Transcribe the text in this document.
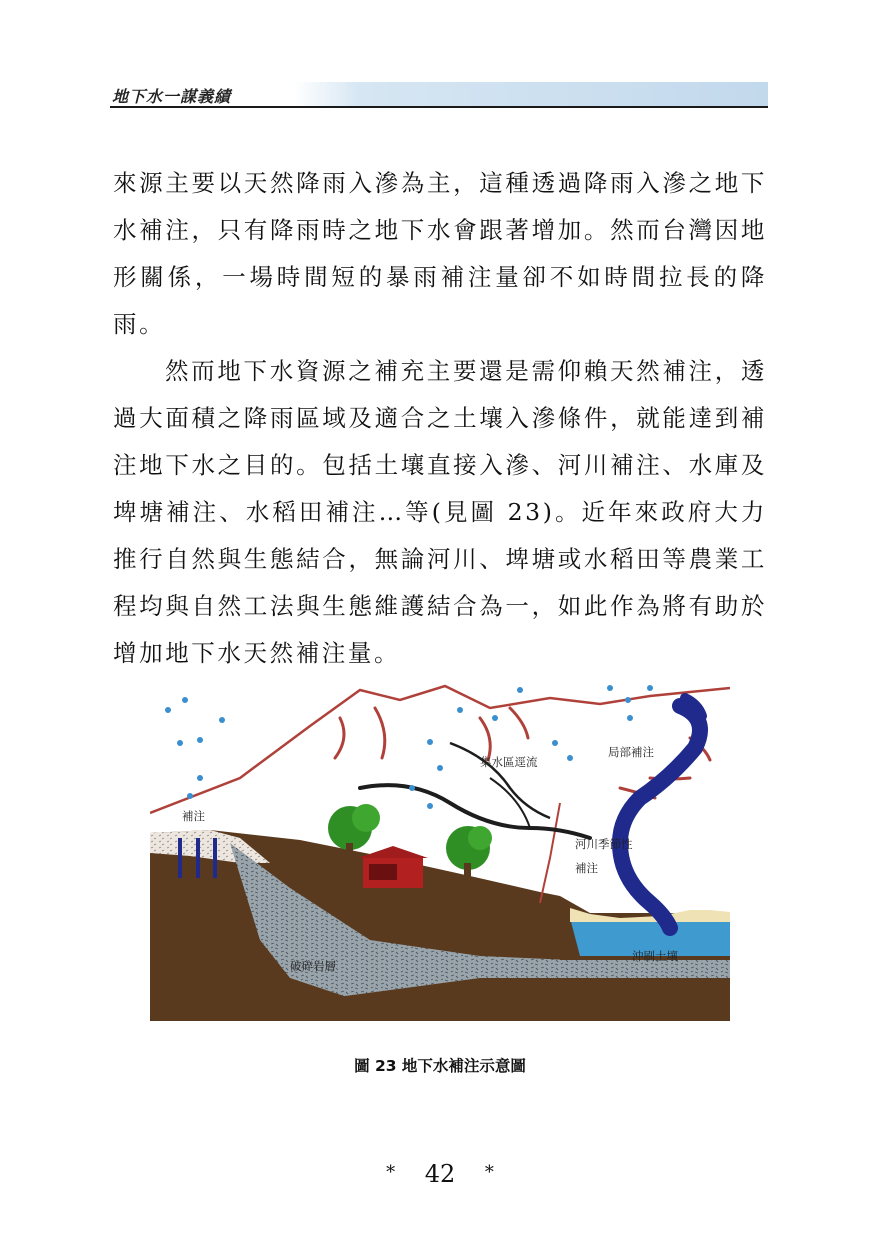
地下水一謀義績

來源主要以天然降雨入滲為主，這種透過降雨入滲之地下水補注，只有降雨時之地下水會跟著增加。然而台灣因地形關係，一場時間短的暴雨補注量卻不如時間拉長的降雨。

然而地下水資源之補充主要還是需仰賴天然補注，透過大面積之降雨區域及適合之土壤入滲條件，就能達到補注地下水之目的。包括土壤直接入滲、河川補注、水庫及埤塘補注、水稻田補注…等(見圖 23)。近年來政府大力推行自然與生態結合，無論河川、埤塘或水稻田等農業工程均與自然工法與生態維護結合為一，如此作為將有助於增加地下水天然補注量。

補注
集水區逕流
局部補注
河川季節性
補注
破碎岩層
沖刷土壤
圖 23 地下水補注示意圖
* 42 *
